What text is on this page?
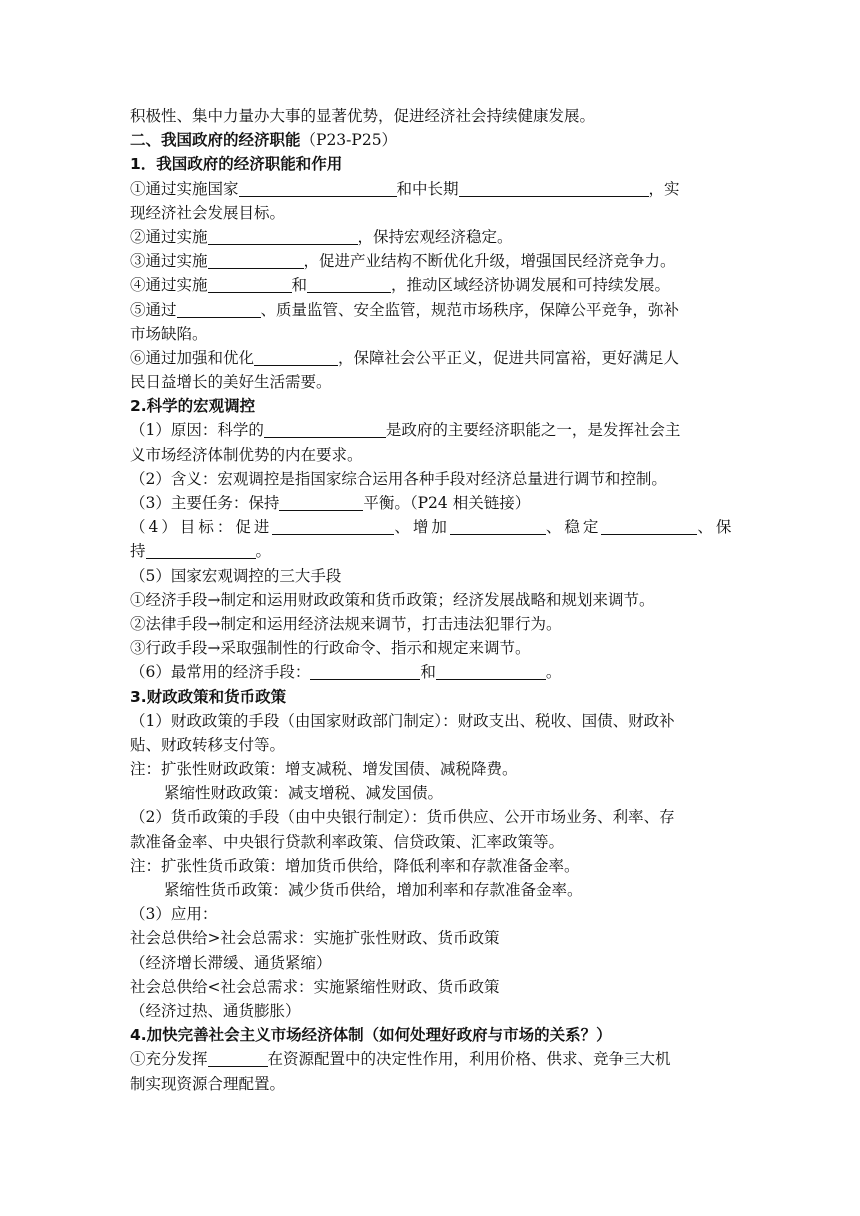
积极性、集中力量办大事的显著优势，促进经济社会持续健康发展。
二、我国政府的经济职能（P23-P25）
1．我国政府的经济职能和作用
①通过实施国家	和中长期	，实
现经济社会发展目标。
②通过实施	，保持宏观经济稳定。
③通过实施	，促进产业结构不断优化升级，增强国民经济竞争力。
④通过实施	和	，推动区域经济协调发展和可持续发展。
⑤通过	、质量监管、安全监管，规范市场秩序，保障公平竞争，弥补
市场缺陷。
⑥通过加强和优化	，保障社会公平正义，促进共同富裕，更好满足人
民日益增长的美好生活需要。
2.科学的宏观调控
（1）原因：科学的	是政府的主要经济职能之一，是发挥社会主
义市场经济体制优势的内在要求。
（2）含义：宏观调控是指国家综合运用各种手段对经济总量进行调节和控制。
（3）主要任务：保持	平衡。（P24 相关链接）
（4）目标：促进	、增加	、稳定	、保
持	。
（5）国家宏观调控的三大手段
①经济手段→制定和运用财政政策和货币政策；经济发展战略和规划来调节。
②法律手段→制定和运用经济法规来调节，打击违法犯罪行为。
③行政手段→采取强制性的行政命令、指示和规定来调节。
（6）最常用的经济手段：	和	。
3.财政政策和货币政策
（1）财政政策的手段（由国家财政部门制定）：财政支出、税收、国债、财政补
贴、财政转移支付等。
注：扩张性财政政策：增支减税、增发国债、减税降费。
紧缩性财政政策：减支增税、减发国债。
（2）货币政策的手段（由中央银行制定）：货币供应、公开市场业务、利率、存
款准备金率、中央银行贷款利率政策、信贷政策、汇率政策等。
注：扩张性货币政策：增加货币供给，降低利率和存款准备金率。
紧缩性货币政策：减少货币供给，增加利率和存款准备金率。
（3）应用：
社会总供给>社会总需求：实施扩张性财政、货币政策
（经济增长滞缓、通货紧缩）
社会总供给<社会总需求：实施紧缩性财政、货币政策
（经济过热、通货膨胀）
4.加快完善社会主义市场经济体制（如何处理好政府与市场的关系？）
①充分发挥	在资源配置中的决定性作用，利用价格、供求、竞争三大机
制实现资源合理配置。
